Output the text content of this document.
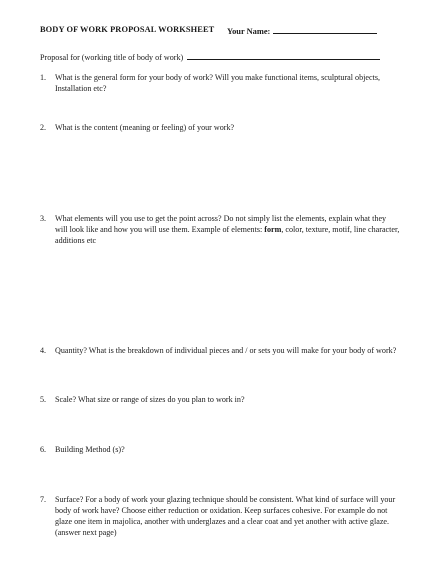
BODY OF WORK PROPOSAL WORKSHEET Your Name:
Proposal for (working title of body of work)
1.	What is the general form for your body of work? Will you make functional items, sculptural objects, Installation etc?
2.	What is the content (meaning or feeling) of your work?
3.	What elements will you use to get the point across? Do not simply list the elements, explain what they will look like and how you will use them. Example of elements: form, color, texture, motif, line character, additions etc
4.	Quantity? What is the breakdown of individual pieces and / or sets you will make for your body of work?
5.	Scale? What size or range of sizes do you plan to work in?
6.	Building Method (s)?
7.	Surface? For a body of work your glazing technique should be consistent. What kind of surface will your body of work have? Choose either reduction or oxidation. Keep surfaces cohesive. For example do not glaze one item in majolica, another with underglazes and a clear coat and yet another with active glaze. (answer next page)
